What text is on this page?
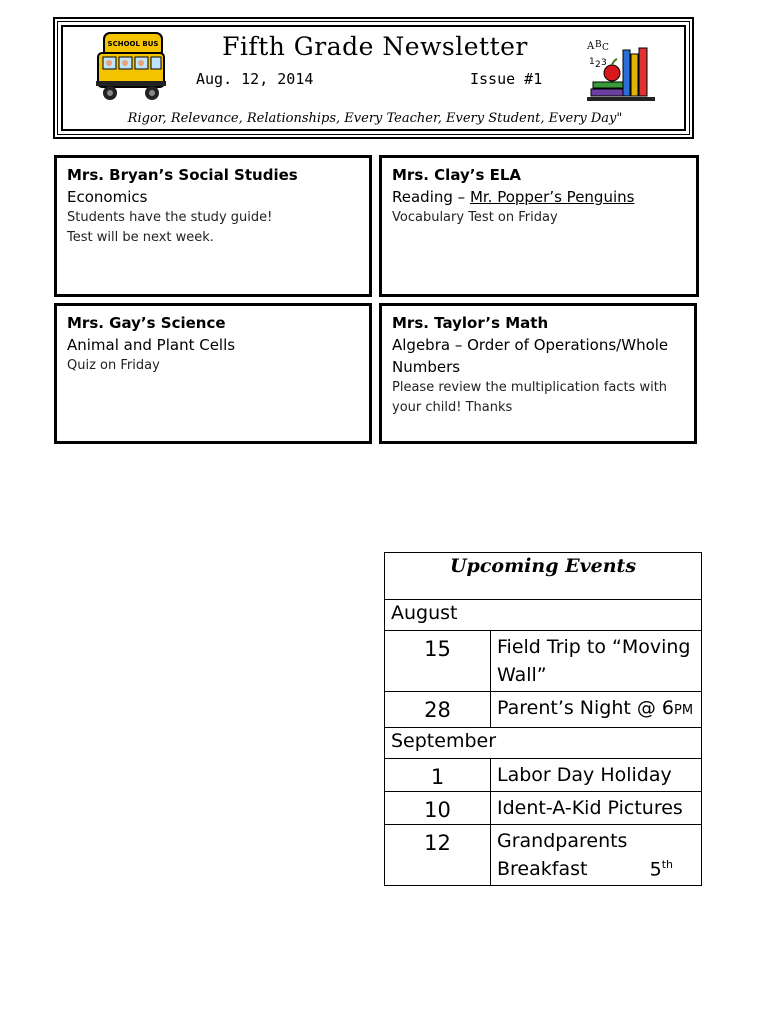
SCHOOL BUS	A B C
1 2 3
Fifth Grade Newsletter
Aug. 12, 2014	Issue #1
Rigor, Relevance, Relationships, Every Teacher, Every Student, Every Day"
Mrs. Bryan’s Social Studies
Economics
Students have the study guide!
Test will be next week.
Mrs. Clay’s ELA
Reading – Mr. Popper’s Penguins
Vocabulary Test on Friday
Mrs. Gay’s Science
Animal and Plant Cells
Quiz on Friday
Mrs. Taylor’s Math
Algebra – Order of Operations/Whole Numbers
Please review the multiplication facts with your child! Thanks
Upcoming Events	
August	
15	Field Trip to “Moving Wall”
28	Parent’s Night @ 6PM
September	
1	Labor Day Holiday
10	Ident-A-Kid Pictures
12	Grandparents Breakfast 5th
